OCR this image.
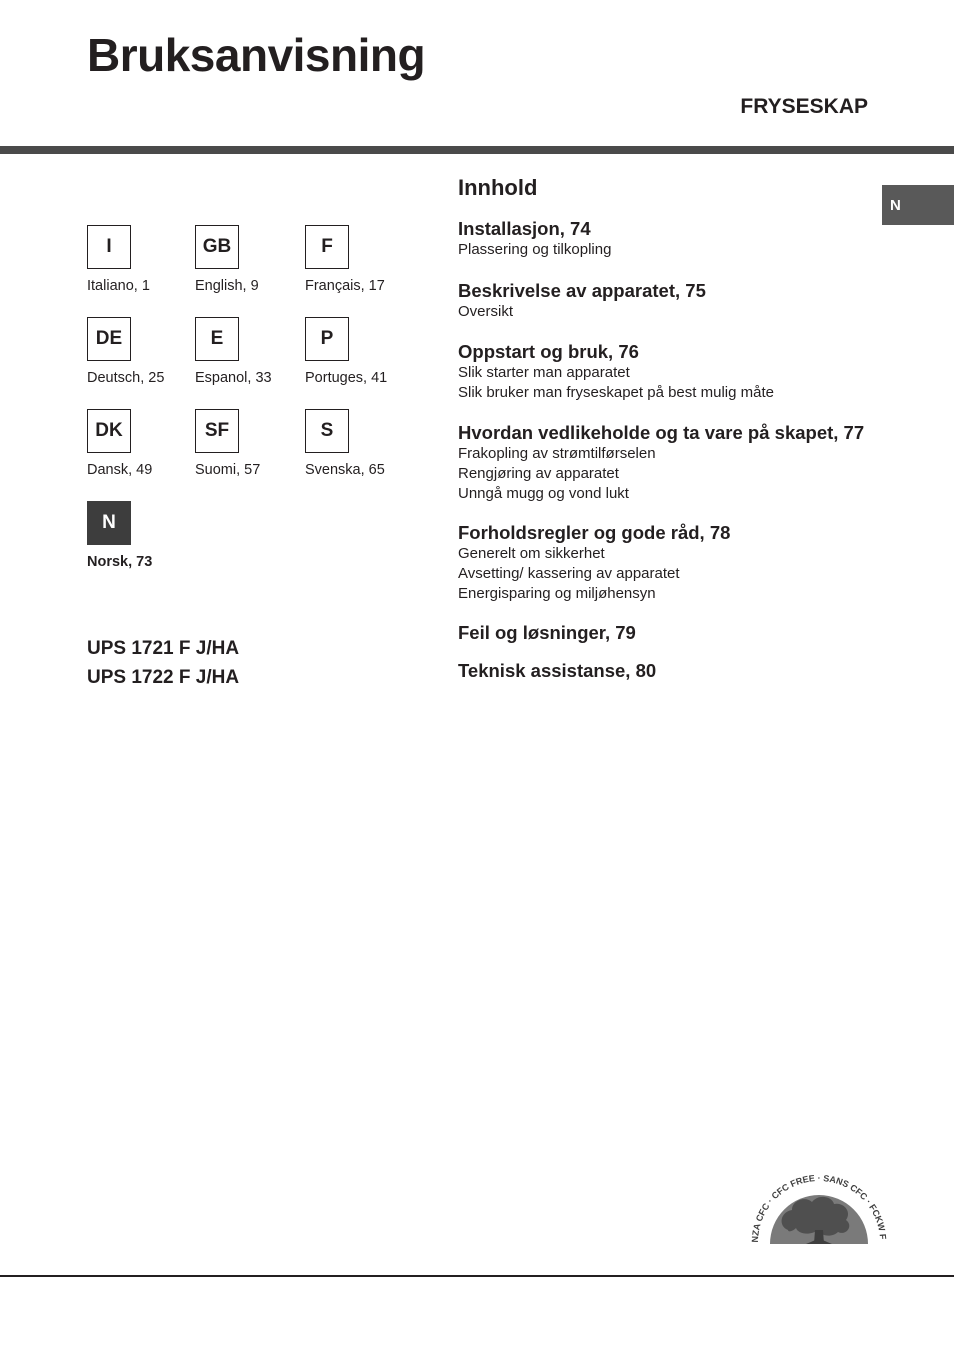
Bruksanvisning
FRYSESKAP
N
I
Italiano, 1
GB
English, 9
F
Français, 17
DE
Deutsch, 25
E
Espanol, 33
P
Portuges, 41
DK
Dansk, 49
SF
Suomi, 57
S
Svenska, 65
N
Norsk, 73
UPS 1721 F J/HA
UPS 1722 F J/HA
Innhold
Installasjon, 74
Plassering og tilkopling
Beskrivelse av apparatet, 75
Oversikt
Oppstart og bruk, 76
Slik starter man apparatet
Slik bruker man fryseskapet på best mulig måte
Hvordan vedlikeholde og ta vare på skapet, 77
Frakopling av strømtilførselen
Rengjøring av apparatet
Unngå mugg og vond lukt
Forholdsregler og gode råd, 78
Generelt om sikkerhet
Avsetting/ kassering av apparatet
Energisparing og miljøhensyn
Feil og løsninger, 79
Teknisk assistanse, 80
NZA CFC · CFC FREE · SANS CFC · FCKW F
